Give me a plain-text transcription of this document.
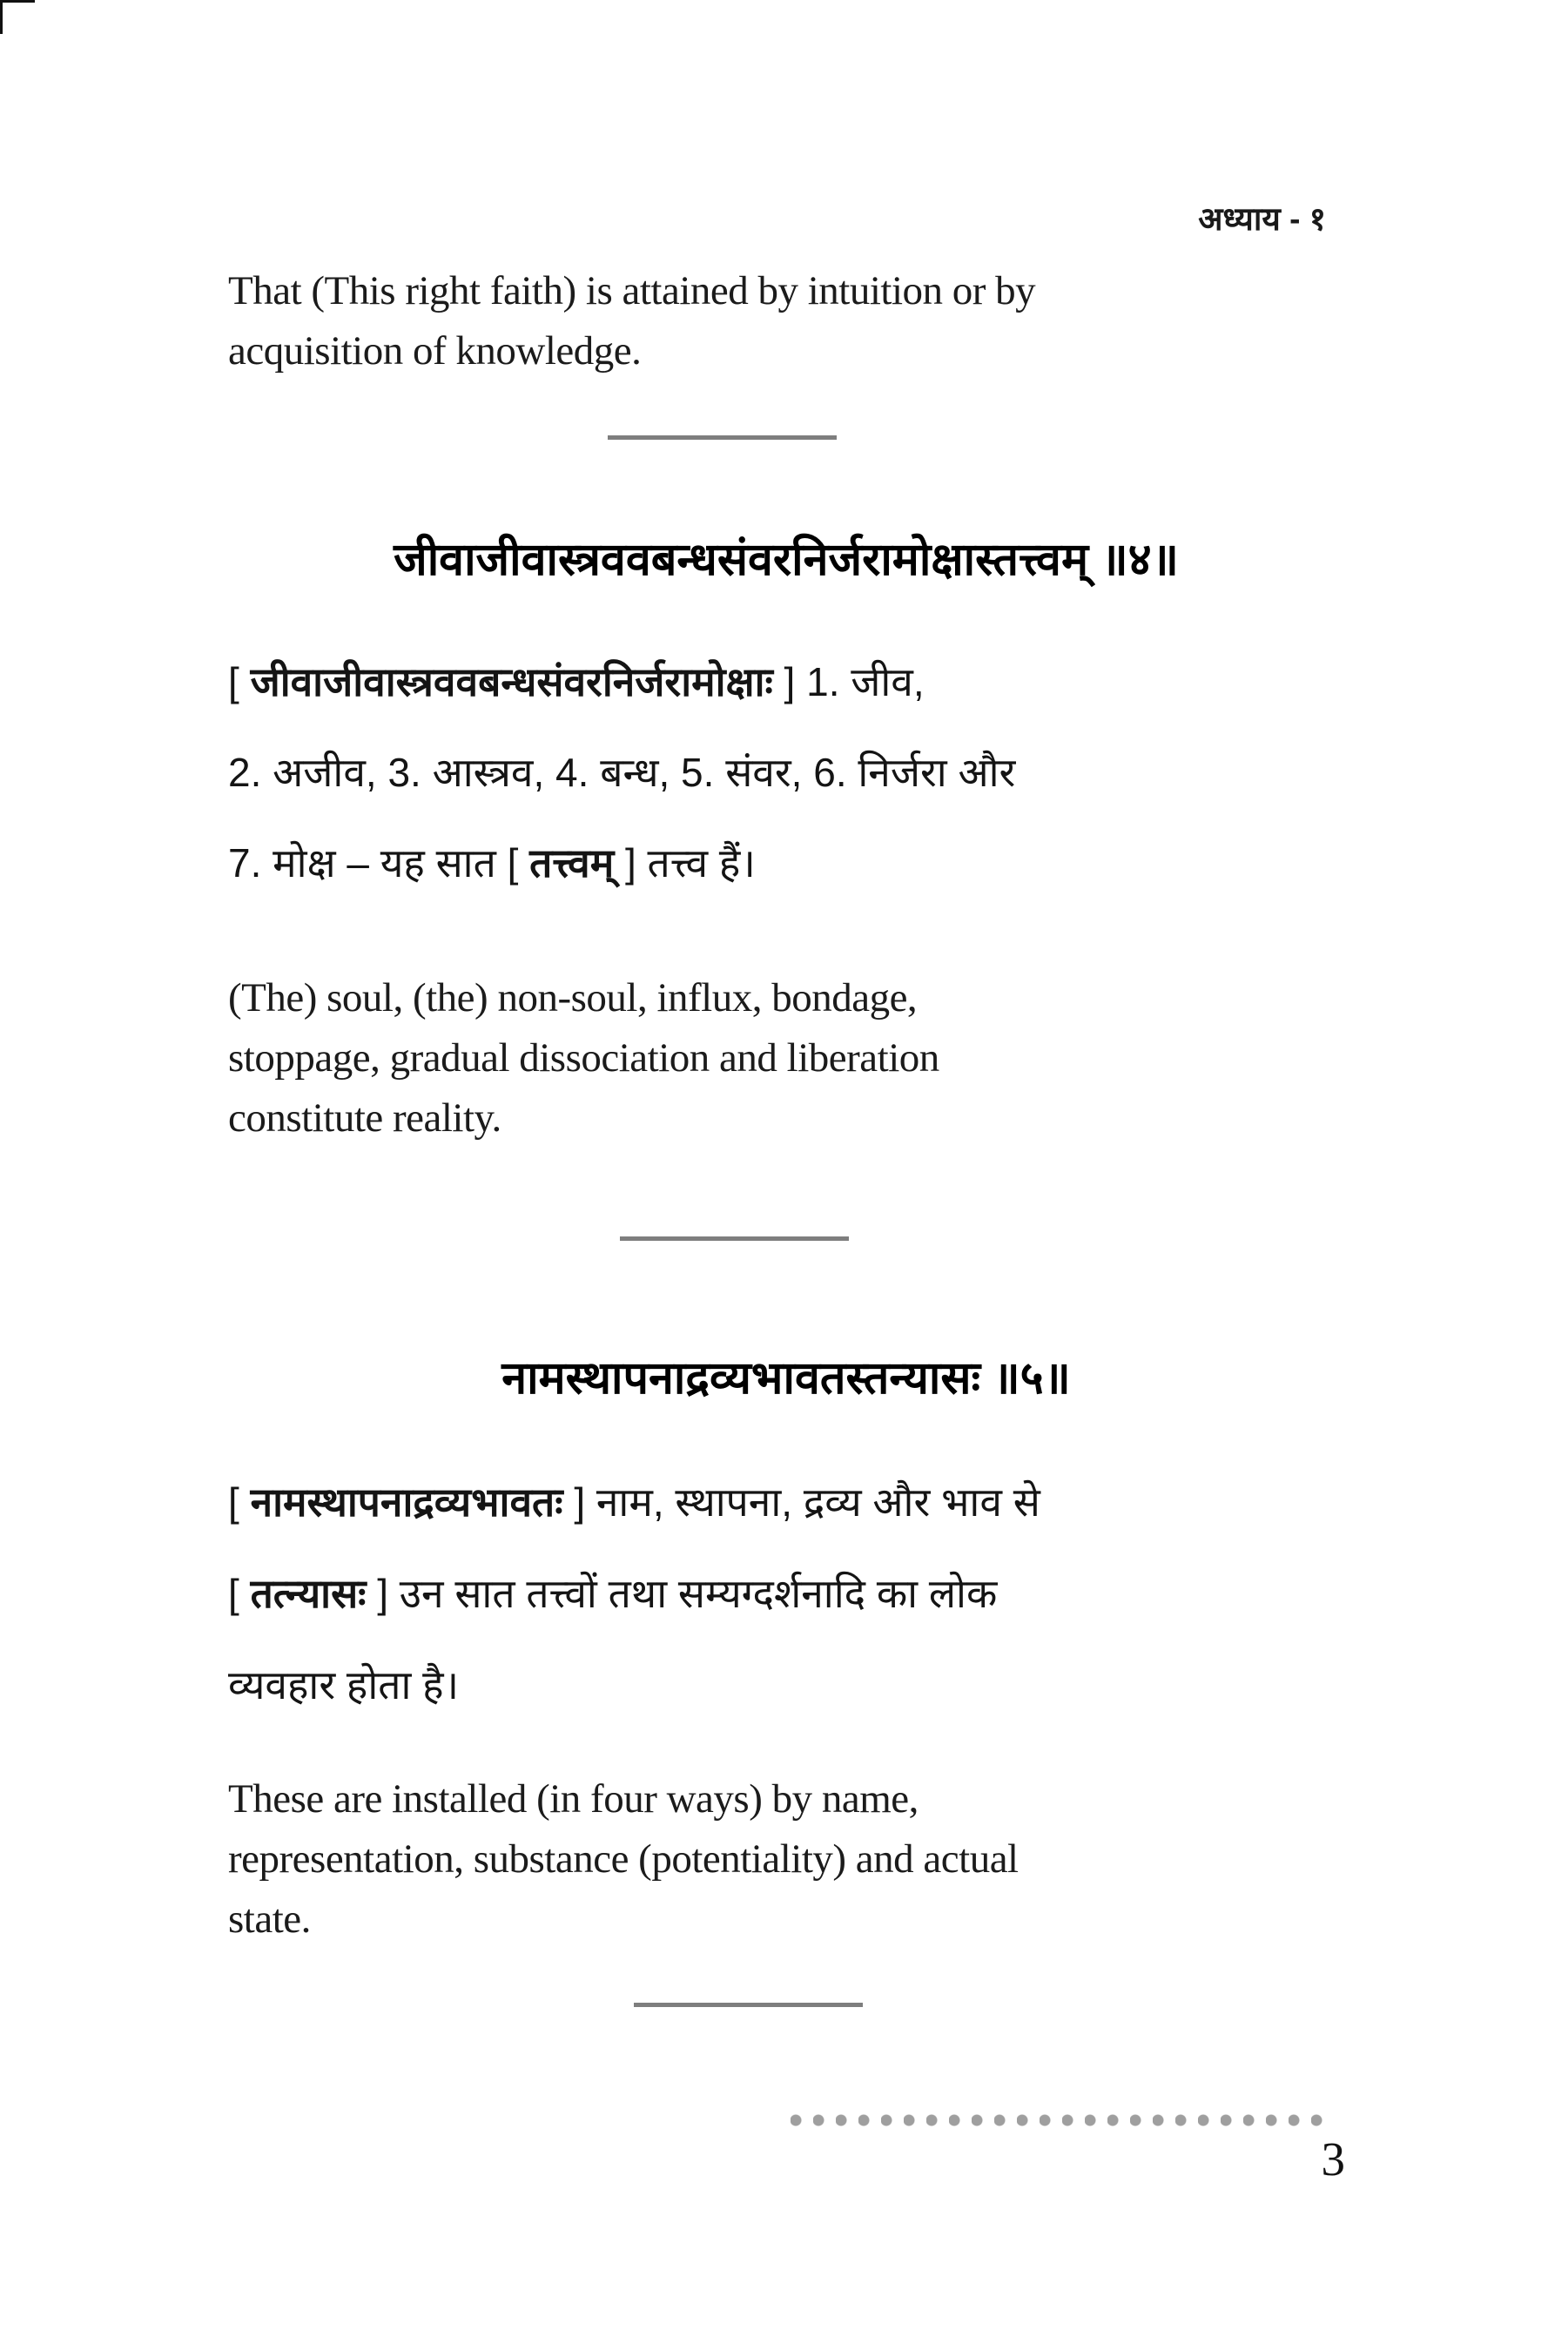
अध्याय - १
That (This right faith) is attained by intuition or by
acquisition of knowledge.
जीवाजीवास्त्रववबन्धसंवरनिर्जरामोक्षास्तत्त्वम् ॥४॥
[ जीवाजीवास्त्रववबन्धसंवरनिर्जरामोक्षाः ] 1. जीव,
2. अजीव, 3. आस्त्रव, 4. बन्ध, 5. संवर, 6. निर्जरा और
7. मोक्ष – यह सात [ तत्त्वम् ] तत्त्व हैं।
(The) soul, (the) non-soul, influx, bondage,
stoppage, gradual dissociation and liberation
constitute reality.
नामस्थापनाद्रव्यभावतस्तन्यासः ॥५॥
[ नामस्थापनाद्रव्यभावतः ] नाम, स्थापना, द्रव्य और भाव से
[ तत्न्यासः ] उन सात तत्त्वों तथा सम्यग्दर्शनादि का लोक
व्यवहार होता है।
These are installed (in four ways) by name,
representation, substance (potentiality) and actual
state.
3
